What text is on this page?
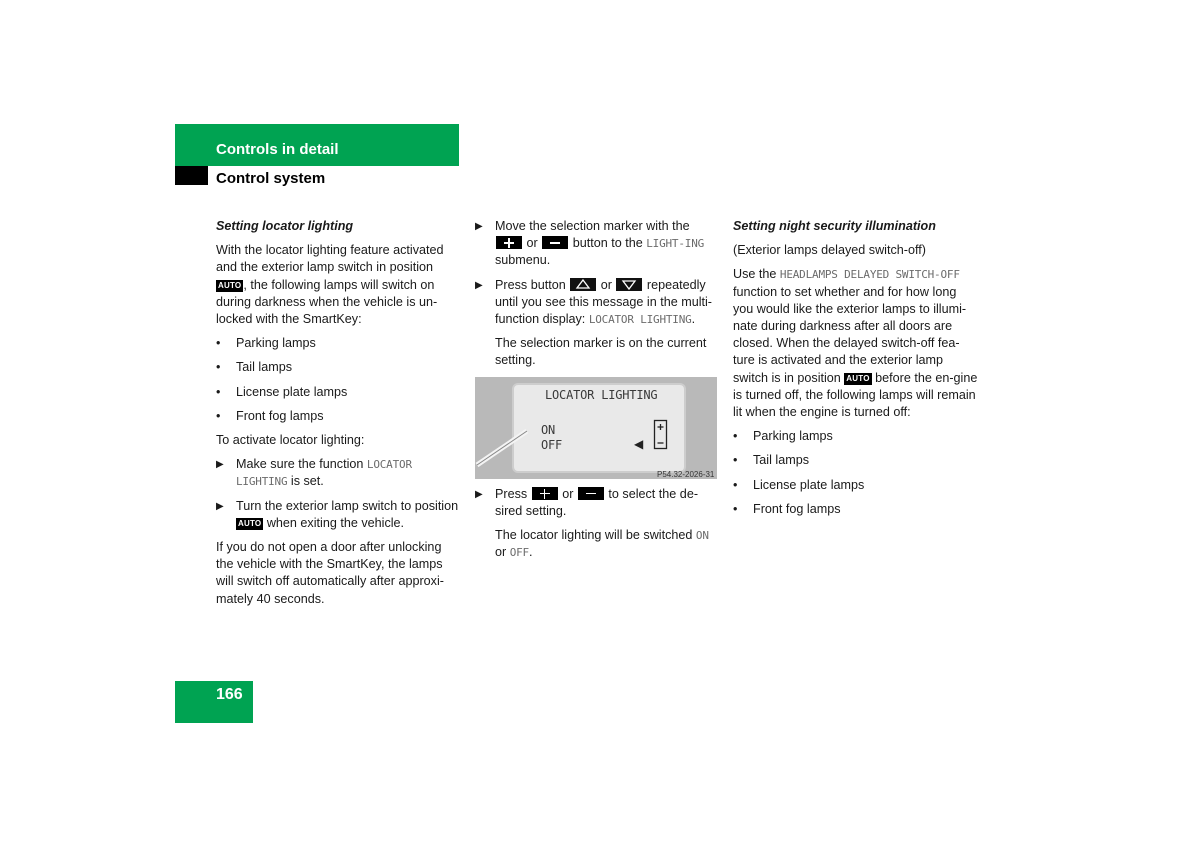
Controls in detail
Control system

Setting locator lighting

With the locator lighting feature activated and the exterior lamp switch in position AUTO , the following lamps will switch on during darkness when the vehicle is un-locked with the SmartKey:

• Parking lamps
• Tail lamps
• License plate lamps
• Front fog lamps

To activate locator lighting:

▶ Make sure the function LOCATOR LIGHTING is set.
▶ Turn the exterior lamp switch to position AUTO when exiting the vehicle.

If you do not open a door after unlocking the vehicle with the SmartKey, the lamps will switch off automatically after approxi-mately 40 seconds.

▶ Move the selection marker with the  or	button to the LIGHT-ING submenu.
▶ Press button	or	repeatedly until you see this message in the multi-function display: LOCATOR LIGHTING.

The selection marker is on the current setting.

LOCATOR LIGHTING
ON
OFF	◀
P54.32-2026-31
▶ Press	or	to select the de-sired setting.

The locator lighting will be switched ON or OFF.

Setting night security illumination

(Exterior lamps delayed switch-off)

Use the HEADLAMPS DELAYED SWITCH-OFF function to set whether and for how long you would like the exterior lamps to illumi-nate during darkness after all doors are closed. When the delayed switch-off fea-ture is activated and the exterior lamp switch is in position AUTO before the en-gine is turned off, the following lamps will remain lit when the engine is turned off:

• Parking lamps
• Tail lamps
• License plate lamps
• Front fog lamps
166
